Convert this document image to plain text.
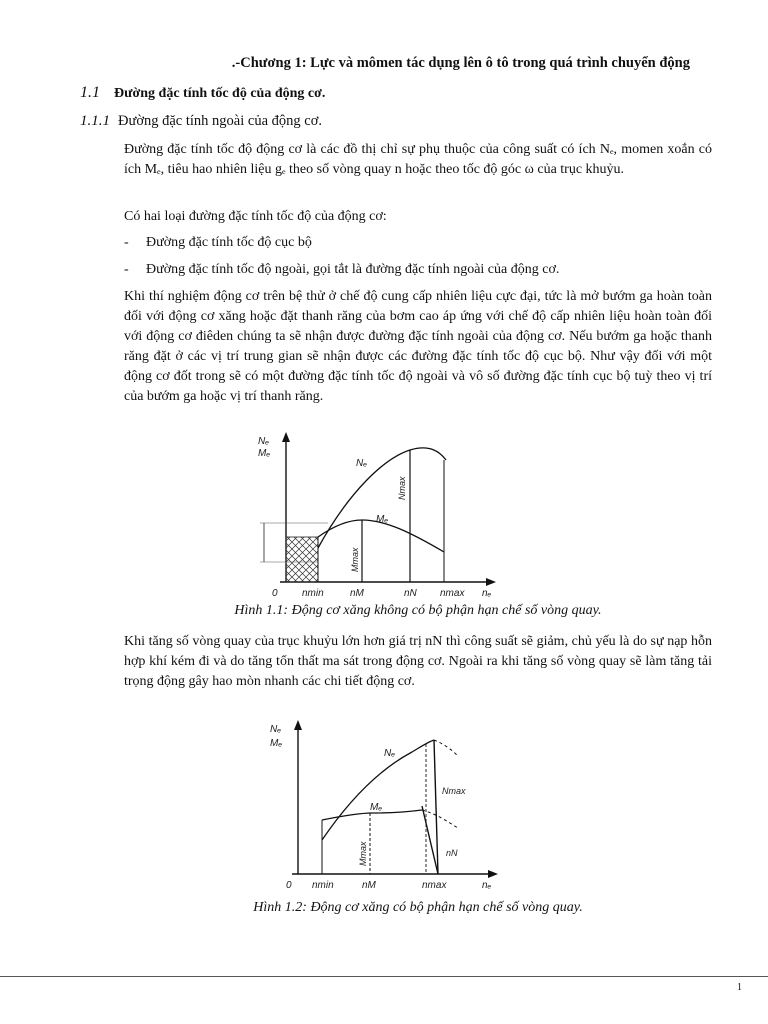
.-Chương 1: Lực và mômen tác dụng lên ô tô trong quá trình chuyển động
1.1 Đường đặc tính tốc độ của động cơ.
1.1.1 Đường đặc tính ngoài của động cơ.

Đường đặc tính tốc độ động cơ là các đồ thị chỉ sự phụ thuộc của công suất có ích Nₑ, momen xoắn có ích Mₑ, tiêu hao nhiên liệu gₑ theo số vòng quay n hoặc theo tốc độ góc ω của trục khuỷu.

Có hai loại đường đặc tính tốc độ của động cơ:

- Đường đặc tính tốc độ cục bộ
- Đường đặc tính tốc độ ngoài, gọi tắt là đường đặc tính ngoài của động cơ.

Khi thí nghiệm động cơ trên bệ thử ở chế độ cung cấp nhiên liệu cực đại, tức là mở bướm ga hoàn toàn đối với động cơ xăng hoặc đặt thanh răng của bơm cao áp ứng với chế độ cấp nhiên liệu hoàn toàn đối với động cơ điêden chúng ta sẽ nhận được đường đặc tính ngoài của động cơ. Nếu bướm ga hoặc thanh răng đặt ở các vị trí trung gian sẽ nhận được các đường đặc tính tốc độ cục bộ. Như vậy đối với một động cơ đốt trong sẽ có một đường đặc tính tốc độ ngoài và vô số đường đặc tính cục bộ tuỳ theo vị trí của bướm ga hoặc vị trí thanh răng.

Nₑ
Mₑ
Nₑ
Mₑ
Nmax
Mmax
0 nmin	nM	nN nmax nₑ
Hình 1.1: Động cơ xăng không có bộ phận hạn chế số vòng quay.

Khi tăng số vòng quay của trục khuỷu lớn hơn giá trị nN thì công suất sẽ giảm, chủ yếu là do sự nạp hỗn hợp khí kém đi và do tăng tổn thất ma sát trong động cơ. Ngoài ra khi tăng số vòng quay sẽ làm tăng tải trọng động gây hao mòn nhanh các chi tiết động cơ.

Nₑ
Mₑ
Nₑ
Mₑ
Nmax
Mmax	nN
0 nmin	nM	nmax	nₑ
Hình 1.2: Động cơ xăng có bộ phận hạn chế số vòng quay.
1
